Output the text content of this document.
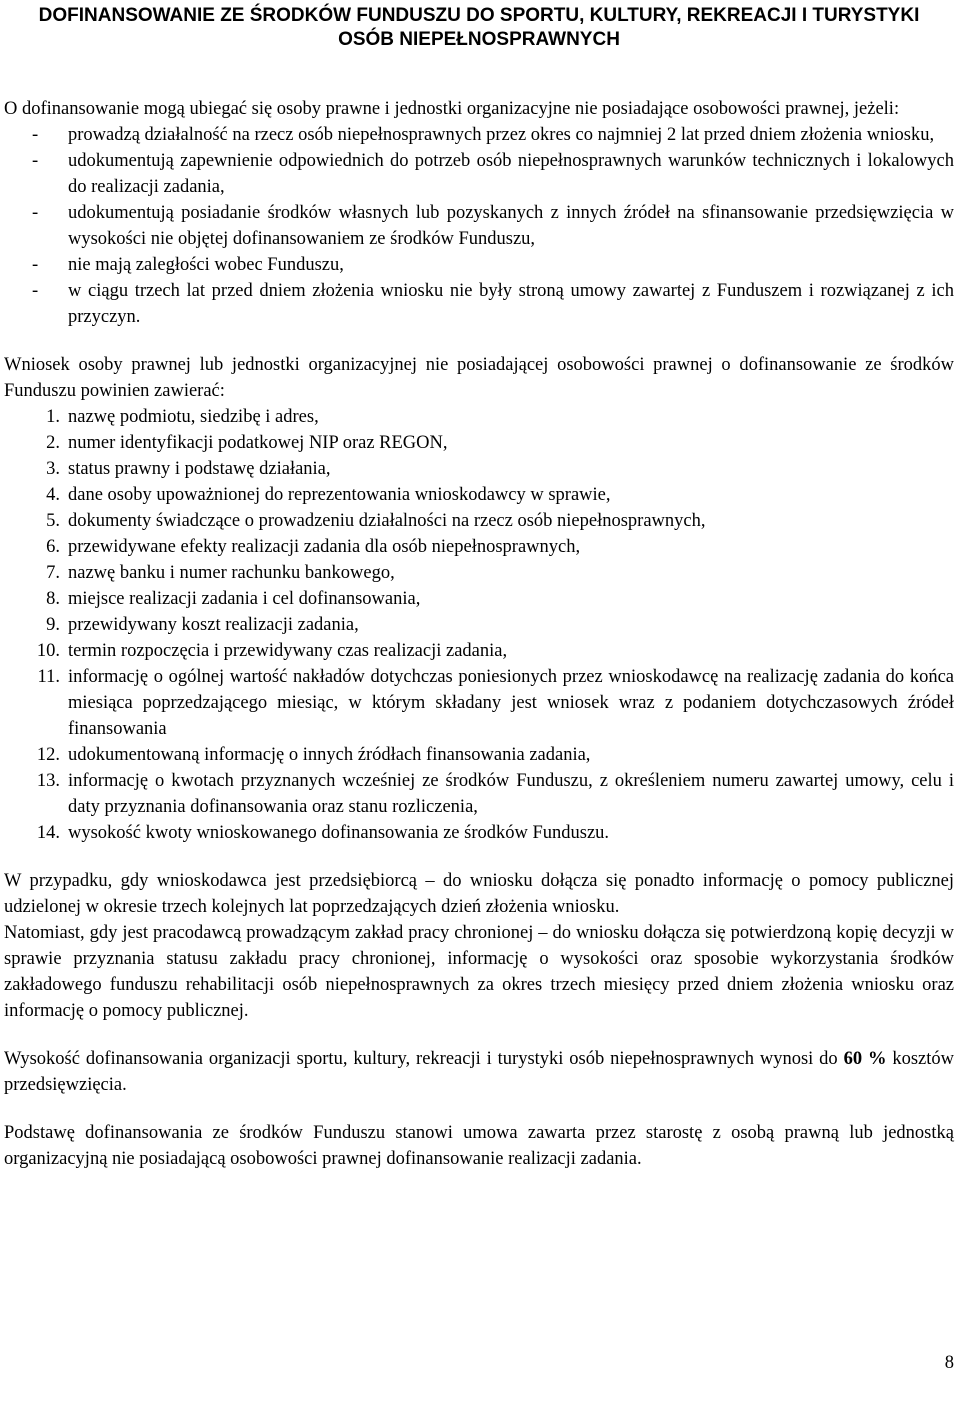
DOFINANSOWANIE ZE ŚRODKÓW FUNDUSZU DO SPORTU, KULTURY, REKREACJI I TURYSTYKI OSÓB NIEPEŁNOSPRAWNYCH

O dofinansowanie mogą ubiegać się osoby prawne i jednostki organizacyjne nie posiadające osobowości prawnej, jeżeli:

- prowadzą działalność na rzecz osób niepełnosprawnych przez okres co najmniej 2 lat przed dniem złożenia wniosku,
- udokumentują zapewnienie odpowiednich do potrzeb osób niepełnosprawnych warunków technicznych i lokalowych do realizacji zadania,
- udokumentują posiadanie środków własnych lub pozyskanych z innych źródeł na sfinansowanie przedsięwzięcia w wysokości nie objętej dofinansowaniem ze środków Funduszu,
- nie mają zaległości wobec Funduszu,
- w ciągu trzech lat przed dniem złożenia wniosku nie były stroną umowy zawartej z Funduszem i rozwiązanej z ich przyczyn.

Wniosek osoby prawnej lub jednostki organizacyjnej nie posiadającej osobowości prawnej o dofinansowanie ze środków Funduszu powinien zawierać:

1. nazwę podmiotu, siedzibę i adres,
2. numer identyfikacji podatkowej NIP oraz REGON,
3. status prawny i podstawę działania,
4. dane osoby upoważnionej do reprezentowania wnioskodawcy w sprawie,
5. dokumenty świadczące o prowadzeniu działalności na rzecz osób niepełnosprawnych,
6. przewidywane efekty realizacji zadania dla osób niepełnosprawnych,
7. nazwę banku i numer rachunku bankowego,
8. miejsce realizacji zadania i cel dofinansowania,
9. przewidywany koszt realizacji zadania,
10. termin rozpoczęcia i przewidywany czas realizacji zadania,
11. informację o ogólnej wartość nakładów dotychczas poniesionych przez wnioskodawcę na realizację zadania do końca miesiąca poprzedzającego miesiąc, w którym składany jest wniosek wraz z podaniem dotychczasowych źródeł finansowania
12. udokumentowaną informację o innych źródłach finansowania zadania,
13. informację o kwotach przyznanych wcześniej ze środków Funduszu, z określeniem numeru zawartej umowy, celu i daty przyznania dofinansowania oraz stanu rozliczenia,
14. wysokość kwoty wnioskowanego dofinansowania ze środków Funduszu.

W przypadku, gdy wnioskodawca jest przedsiębiorcą – do wniosku dołącza się ponadto informację o pomocy publicznej udzielonej w okresie trzech kolejnych lat poprzedzających dzień złożenia wniosku.

Natomiast, gdy jest pracodawcą prowadzącym zakład pracy chronionej – do wniosku dołącza się potwierdzoną kopię decyzji w sprawie przyznania statusu zakładu pracy chronionej, informację o wysokości oraz sposobie wykorzystania środków zakładowego funduszu rehabilitacji osób niepełnosprawnych za okres trzech miesięcy przed dniem złożenia wniosku oraz informację o pomocy publicznej.

Wysokość dofinansowania organizacji sportu, kultury, rekreacji i turystyki osób niepełnosprawnych wynosi do 60 % kosztów przedsięwzięcia.

Podstawę dofinansowania ze środków Funduszu stanowi umowa zawarta przez starostę z osobą prawną lub jednostką organizacyjną nie posiadającą osobowości prawnej dofinansowanie realizacji zadania.

8
